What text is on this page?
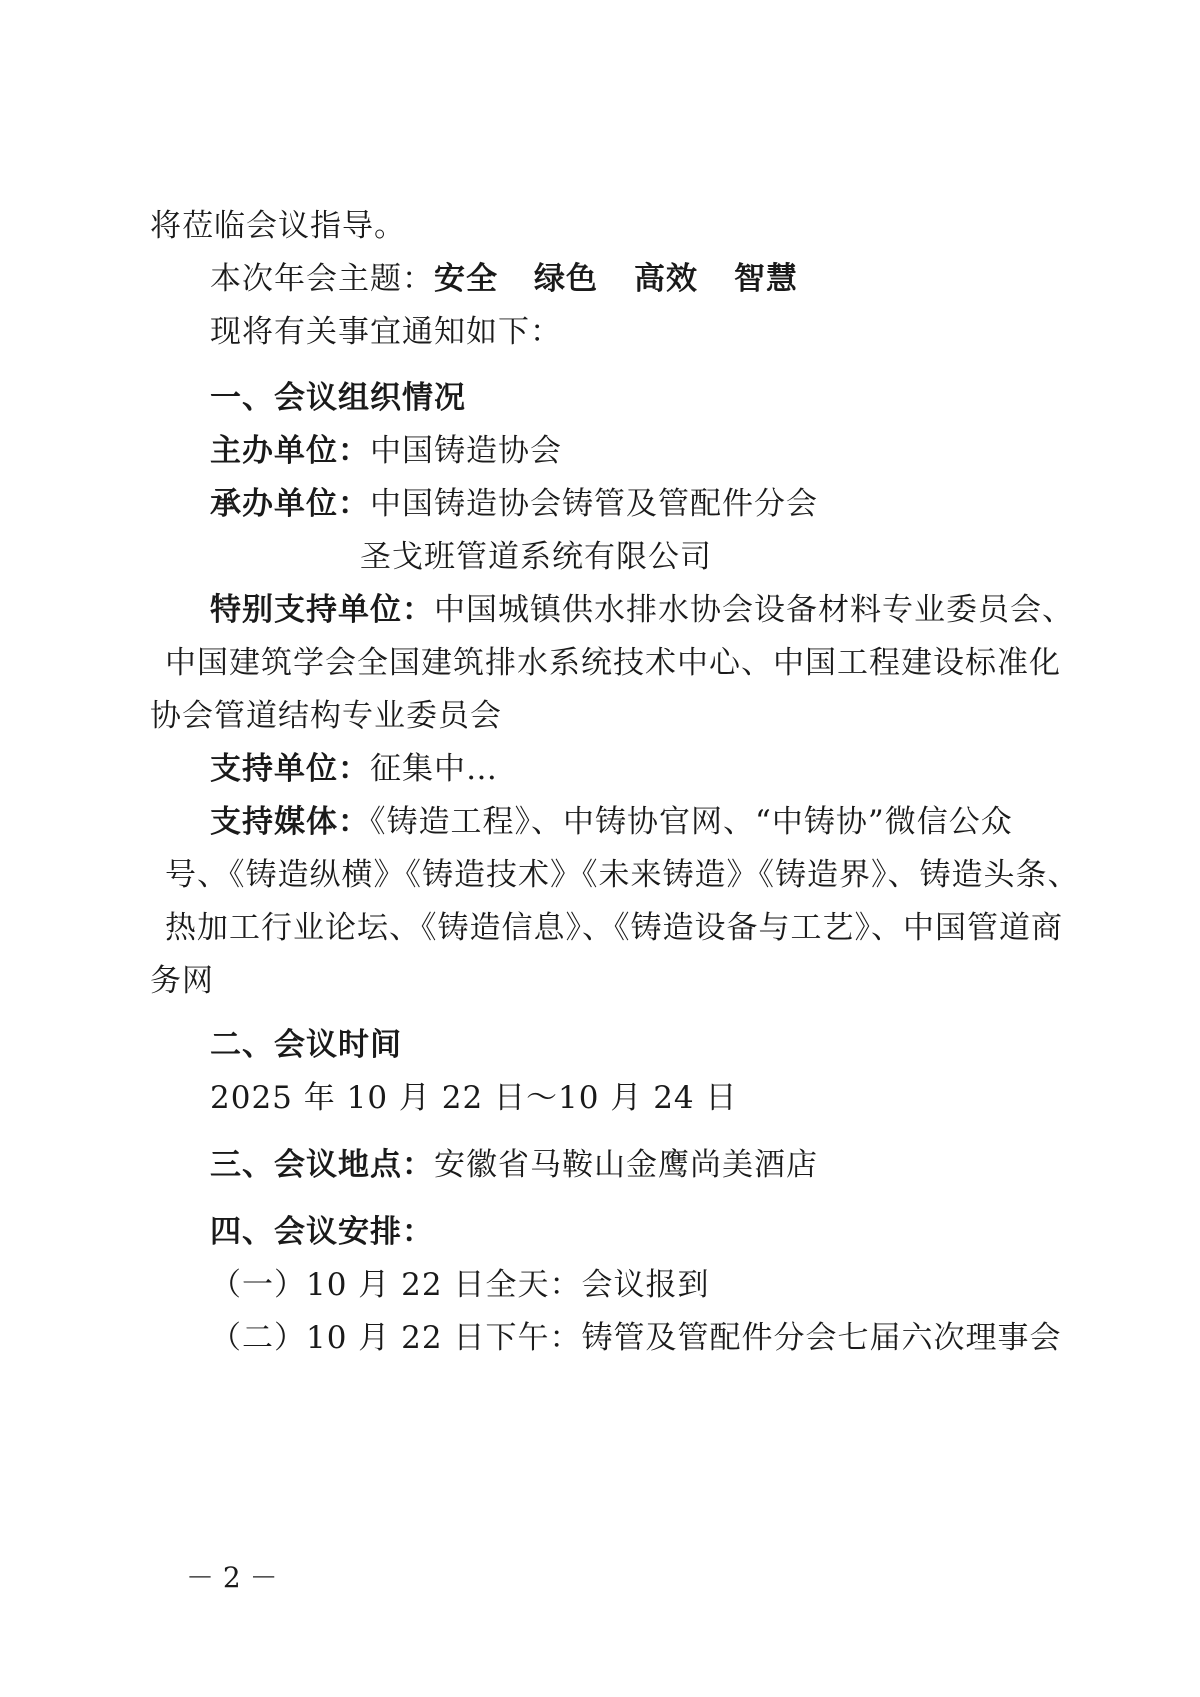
将莅临会议指导。
本次年会主题：安全 绿色 高效 智慧
现将有关事宜通知如下：
一、会议组织情况
主办单位：中国铸造协会
承办单位：中国铸造协会铸管及管配件分会
圣戈班管道系统有限公司
特别支持单位：中国城镇供水排水协会设备材料专业委员会、
中国建筑学会全国建筑排水系统技术中心、中国工程建设标准化
协会管道结构专业委员会
支持单位：征集中…
支持媒体：《铸造工程》、中铸协官网、“中铸协”微信公众
号、《铸造纵横》《铸造技术》《未来铸造》《铸造界》、铸造头条、
热加工行业论坛、《铸造信息》、《铸造设备与工艺》、中国管道商
务网
二、会议时间
2025 年 10 月 22 日～10 月 24 日
三、会议地点：安徽省马鞍山金鹰尚美酒店
四、会议安排：
（一）10 月 22 日全天：会议报到
（二）10 月 22 日下午：铸管及管配件分会七届六次理事会
－ 2 －
